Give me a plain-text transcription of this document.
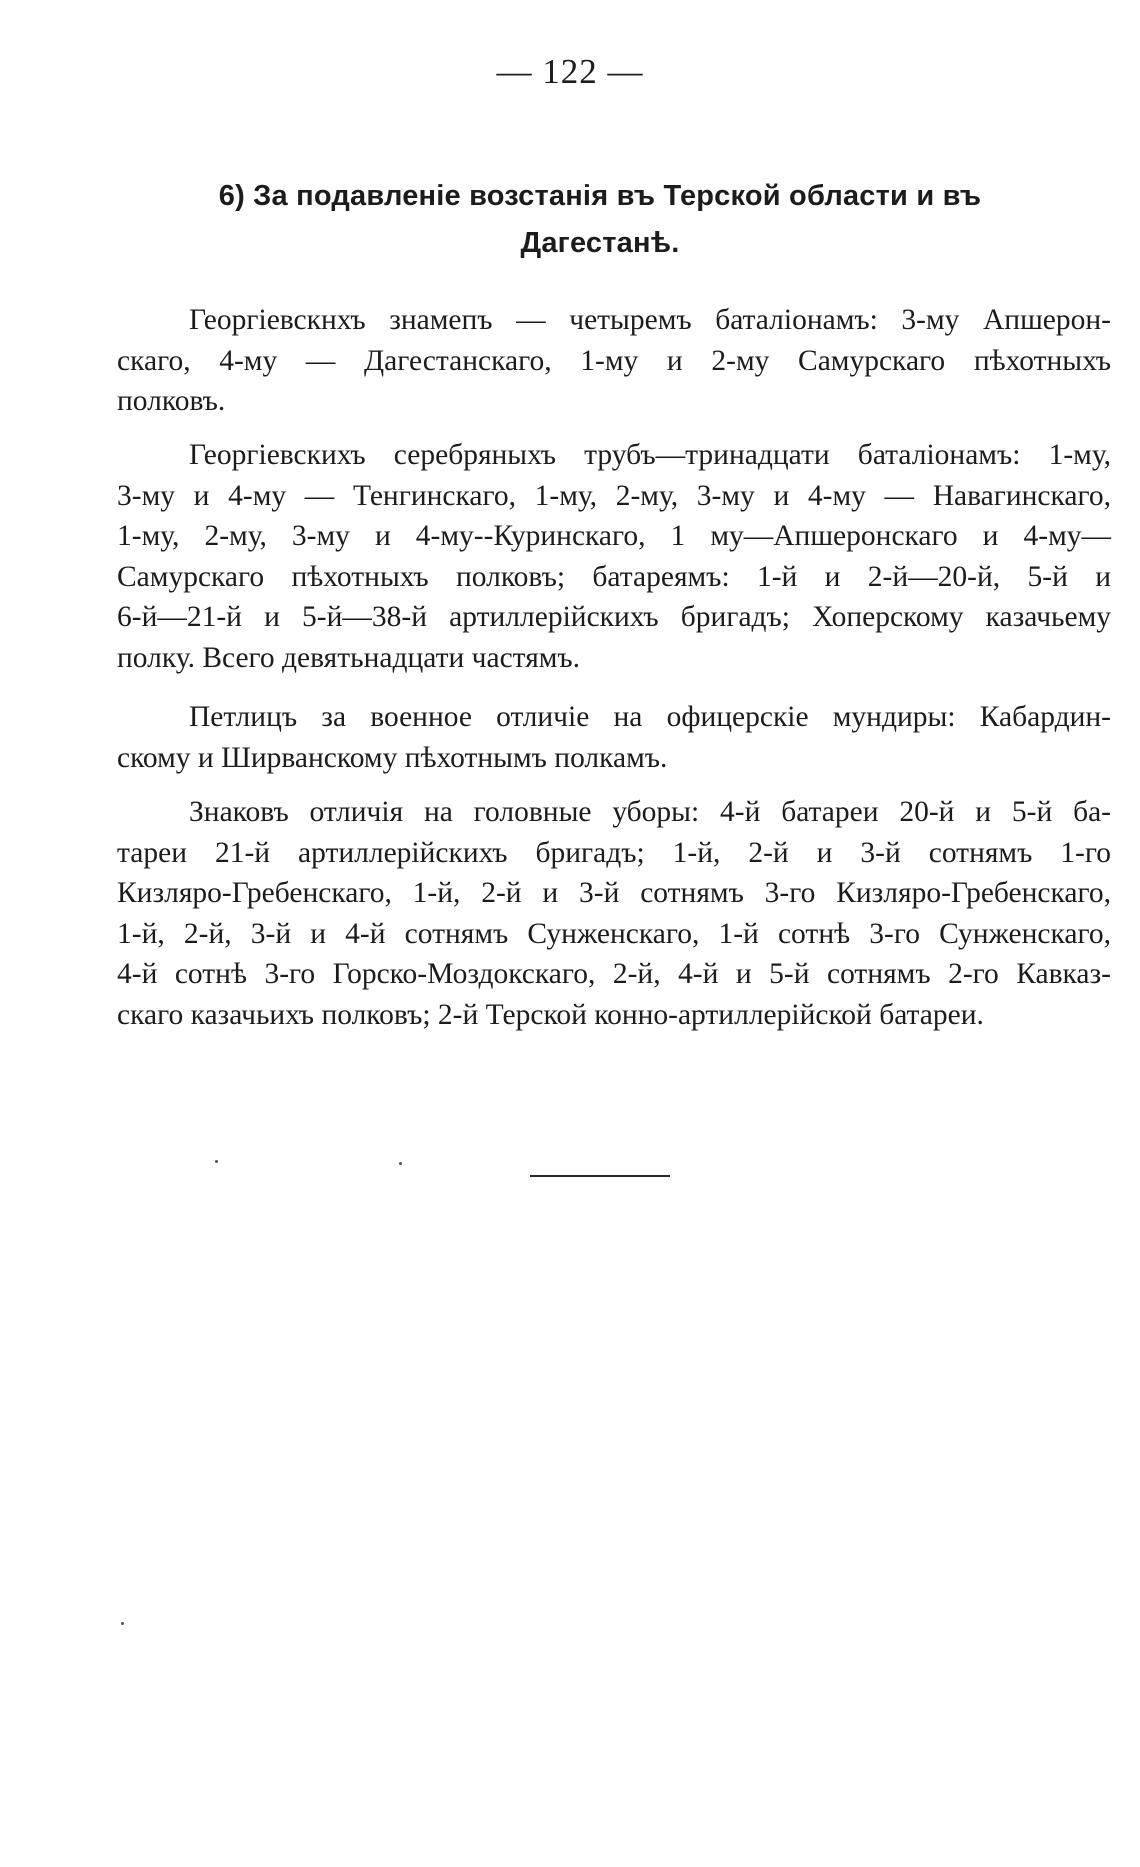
— 122 —
6) За подавленіе возстанія въ Терской области и въ
Дагестанѣ.
Георгіевскнхъ знамепъ — четыремъ баталіонамъ: 3-му Апшерон-
скаго, 4-му — Дагестанскаго, 1-му и 2-му Самурскаго пѣхотныхъ
полковъ.
Георгіевскихъ серебряныхъ трубъ—тринадцати баталіонамъ: 1-му,
3-му и 4-му — Тенгинскаго, 1-му, 2-му, 3-му и 4-му — Навагинскаго,
1-му, 2-му, 3-му и 4-му--Куринскаго, 1 му—Апшеронскаго и 4-му—
Самурскаго пѣхотныхъ полковъ; батареямъ: 1-й и 2-й—20-й, 5-й и
6-й—21-й и 5-й—38-й артиллерійскихъ бригадъ; Хоперскому казачьему
полку. Всего девятьнадцати частямъ.
Петлицъ за военное отличіе на офицерскіе мундиры: Кабардин-
скому и Ширванскому пѣхотнымъ полкамъ.
Знаковъ отличія на головные уборы: 4-й батареи 20-й и 5-й ба-
тареи 21-й артиллерійскихъ бригадъ; 1-й, 2-й и 3-й сотнямъ 1-го
Кизляро-Гребенскаго, 1-й, 2-й и 3-й сотнямъ 3-го Кизляро-Гребенскаго,
1-й, 2-й, 3-й и 4-й сотнямъ Сунженскаго, 1-й сотнѣ 3-го Сунженскаго,
4-й сотнѣ 3-го Горско-Моздокскаго, 2-й, 4-й и 5-й сотнямъ 2-го Кавказ-
скаго казачьихъ полковъ; 2-й Терской конно-артиллерійской батареи.
